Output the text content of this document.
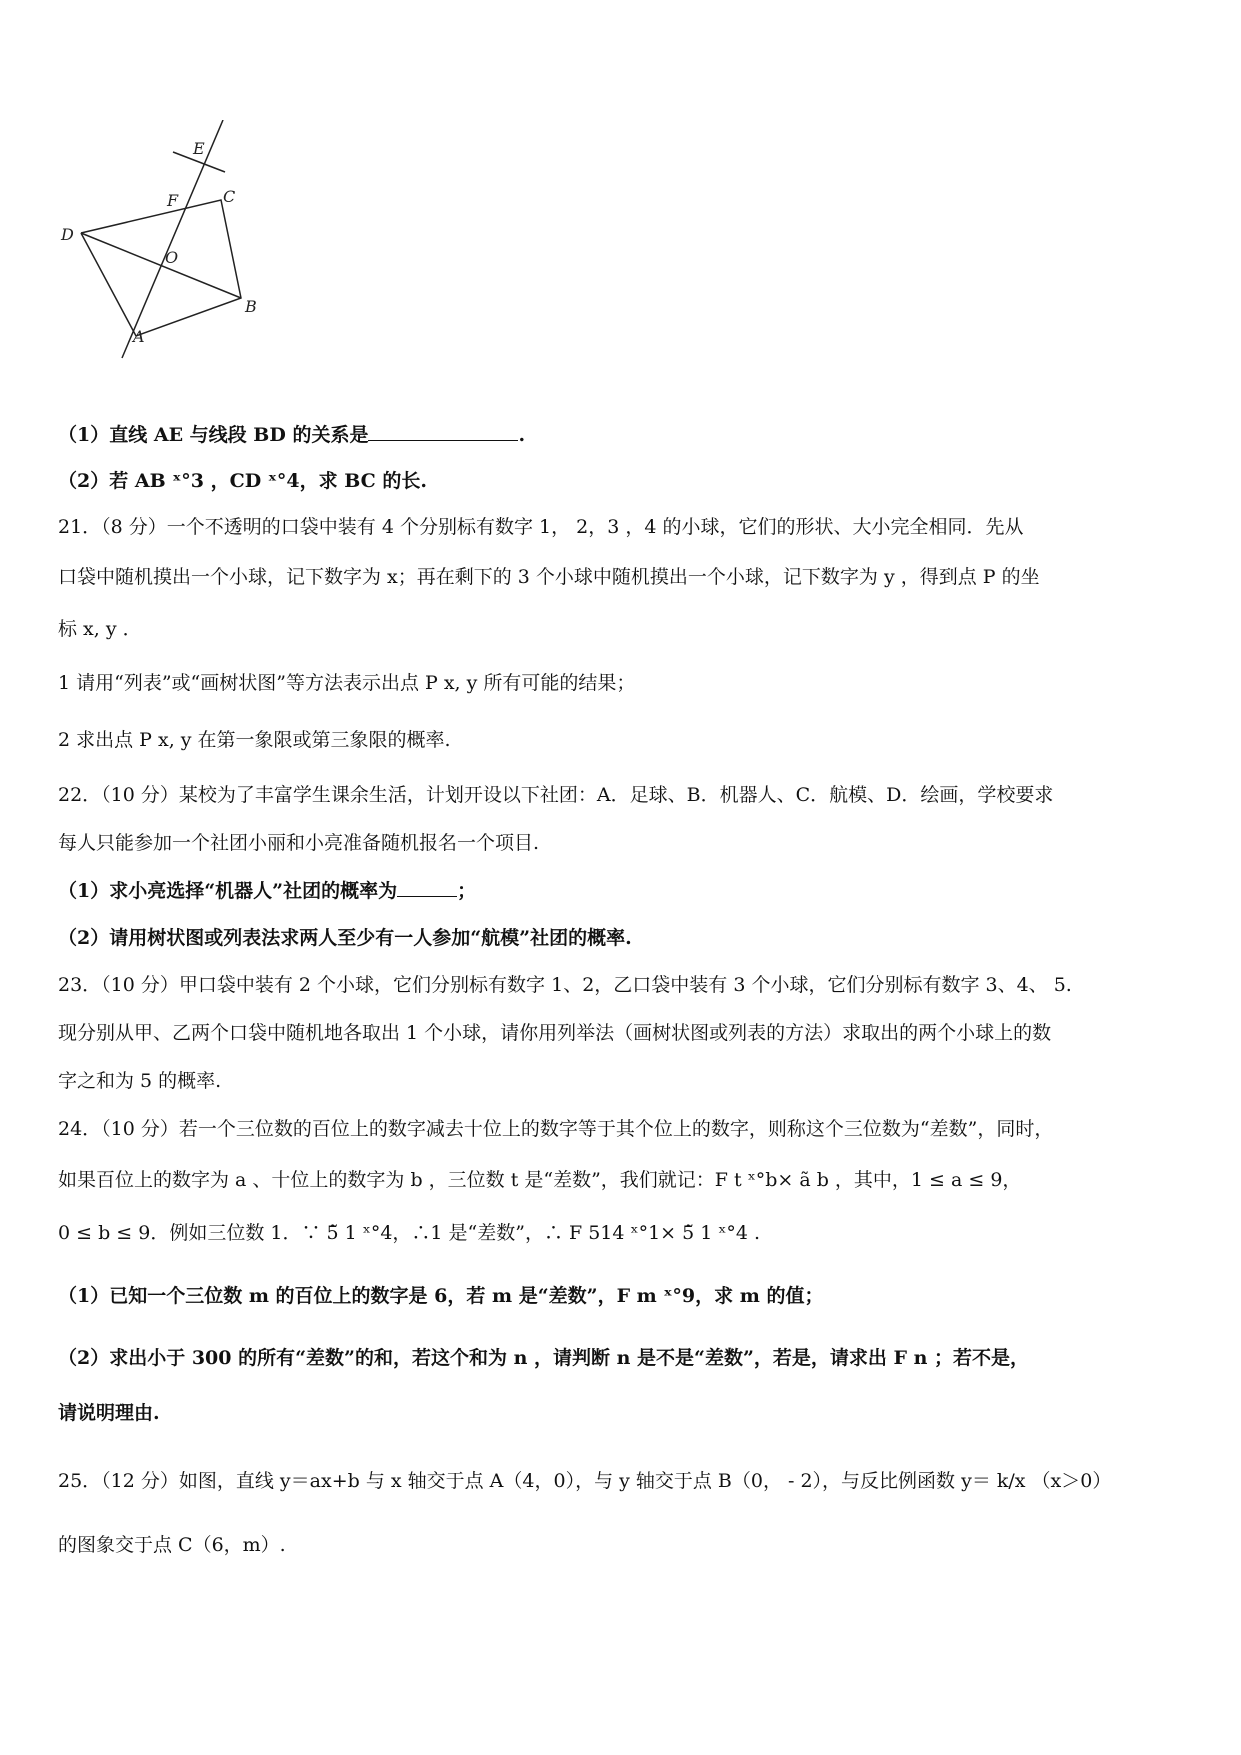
E
F	C
D
O
B
A
（1）直线 AE 与线段 BD 的关系是	.
（2）若 AB ˣ°3 ，CD ˣ°4，求 BC 的长.
21．（8 分）一个不透明的口袋中装有 4 个分别标有数字 1， 2，3 ，4 的小球，它们的形状、大小完全相同．先从
口袋中随机摸出一个小球，记下数字为 x；再在剩下的 3 个小球中随机摸出一个小球，记下数字为 y ，得到点 P 的坐
标 x, y ．
1 请用“列表”或“画树状图”等方法表示出点 P x, y 所有可能的结果；
2 求出点 P x, y 在第一象限或第三象限的概率.
22．（10 分）某校为了丰富学生课余生活，计划开设以下社团：A．足球、B．机器人、C．航模、D．绘画，学校要求
每人只能参加一个社团小丽和小亮准备随机报名一个项目.
（1）求小亮选择“机器人”社团的概率为	；
（2）请用树状图或列表法求两人至少有一人参加“航模”社团的概率.
23．（10 分）甲口袋中装有 2 个小球，它们分别标有数字 1、2，乙口袋中装有 3 个小球，它们分别标有数字 3、4、 5.
现分别从甲、乙两个口袋中随机地各取出 1 个小球，请你用列举法（画树状图或列表的方法）求取出的两个小球上的数
字之和为 5 的概率.
24．（10 分）若一个三位数的百位上的数字减去十位上的数字等于其个位上的数字，则称这个三位数为“差数”，同时，
如果百位上的数字为 a 、十位上的数字为 b ，三位数 t 是“差数”，我们就记：F t ˣ°b× ã b ，其中，1 ≤ a ≤ 9，
0 ≤ b ≤ 9．例如三位数 1．∵ 5̃ 1 ˣ°4，∴1 是“差数”，∴ F 514 ˣ°1× 5̃ 1 ˣ°4 .
（1）已知一个三位数 m 的百位上的数字是 6，若 m 是“差数”，F m ˣ°9，求 m 的值；
（2）求出小于 300 的所有“差数”的和，若这个和为 n ，请判断 n 是不是“差数”，若是，请求出 F n ；若不是，
请说明理由.
25．（12 分）如图，直线 y＝ax+b 与 x 轴交于点 A（4，0），与 y 轴交于点 B（0， - 2），与反比例函数 y＝ k/x （x＞0）
的图象交于点 C（6，m）.
